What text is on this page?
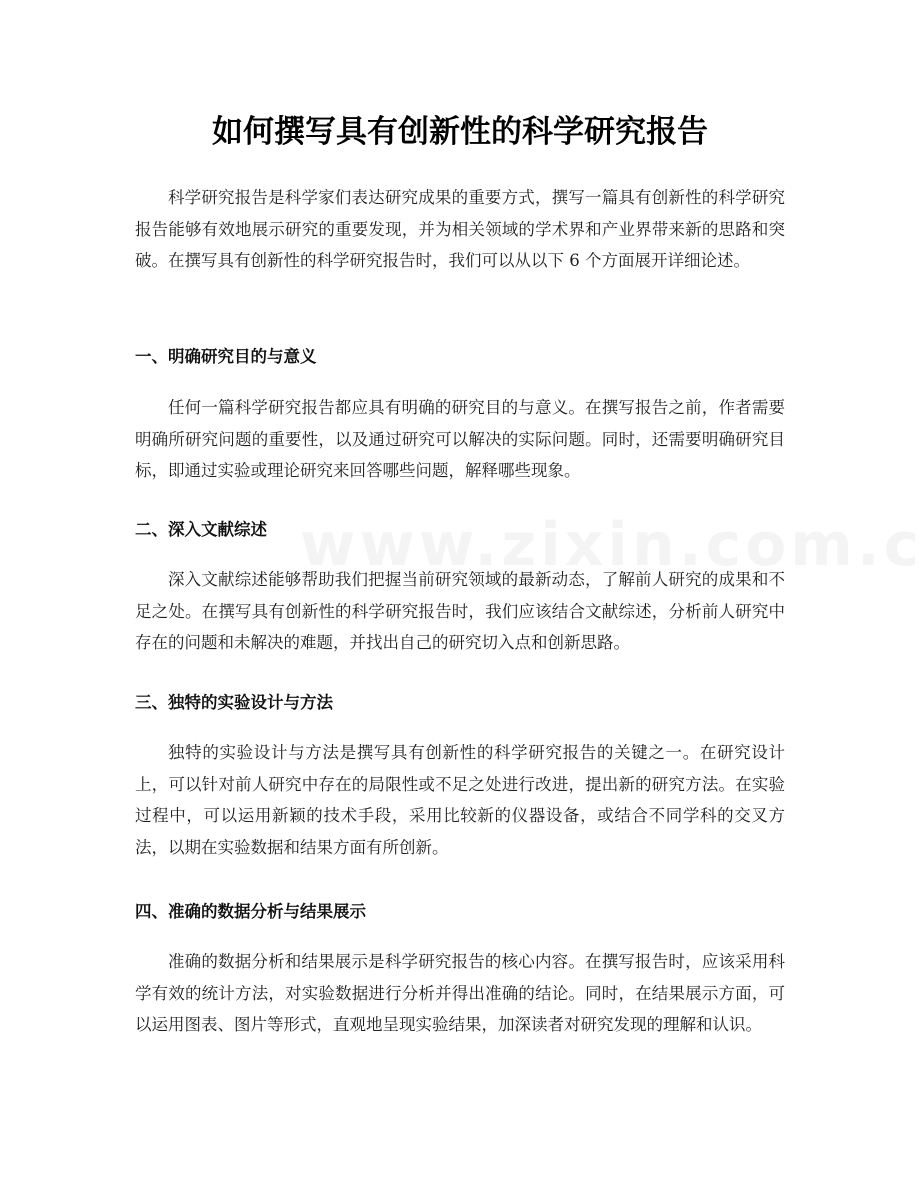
如何撰写具有创新性的科学研究报告

科学研究报告是科学家们表达研究成果的重要方式，撰写一篇具有创新性的科学研究报告能够有效地展示研究的重要发现，并为相关领域的学术界和产业界带来新的思路和突破。在撰写具有创新性的科学研究报告时，我们可以从以下 6 个方面展开详细论述。

一、明确研究目的与意义

任何一篇科学研究报告都应具有明确的研究目的与意义。在撰写报告之前，作者需要明确所研究问题的重要性，以及通过研究可以解决的实际问题。同时，还需要明确研究目标，即通过实验或理论研究来回答哪些问题，解释哪些现象。

二、深入文献综述

深入文献综述能够帮助我们把握当前研究领域的最新动态，了解前人研究的成果和不足之处。在撰写具有创新性的科学研究报告时，我们应该结合文献综述，分析前人研究中存在的问题和未解决的难题，并找出自己的研究切入点和创新思路。

三、独特的实验设计与方法

独特的实验设计与方法是撰写具有创新性的科学研究报告的关键之一。在研究设计上，可以针对前人研究中存在的局限性或不足之处进行改进，提出新的研究方法。在实验过程中，可以运用新颖的技术手段，采用比较新的仪器设备，或结合不同学科的交叉方法，以期在实验数据和结果方面有所创新。

四、准确的数据分析与结果展示

准确的数据分析和结果展示是科学研究报告的核心内容。在撰写报告时，应该采用科学有效的统计方法，对实验数据进行分析并得出准确的结论。同时，在结果展示方面，可以运用图表、图片等形式，直观地呈现实验结果，加深读者对研究发现的理解和认识。
